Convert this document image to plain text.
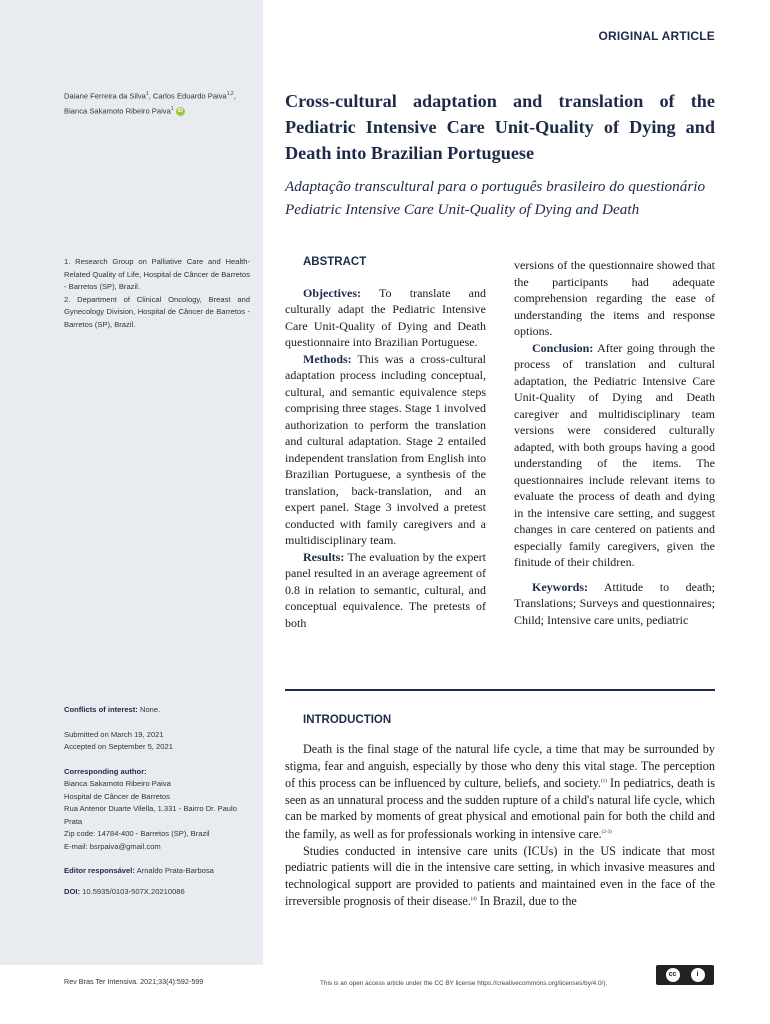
Daiane Ferreira da Silva$^1$, Carlos Eduardo Paiva$^{1,2}$,
Bianca Sakamoto Ribeiro Paiva$^1$ iD

1. Research Group on Palliative Care and Health-Related Quality of Life, Hospital de Câncer de Barretos - Barretos (SP), Brazil.

2. Department of Clinical Oncology, Breast and Gynecology Division, Hospital de Câncer de Barretos - Barretos (SP), Brazil.

Conflicts of interest: None.

Submitted on March 19, 2021

Accepted on September 5, 2021

Corresponding author:

Bianca Sakamoto Ribeiro Paiva

Hospital de Câncer de Barretos

Rua Antenor Duarte Vilella, 1.331 - Bairro Dr. Paulo Prata

Zip code: 14784-400 - Barretos (SP), Brazil

E-mail: bsrpaiva@gmail.com

Editor responsável: Arnaldo Prata-Barbosa

DOI: 10.5935/0103-507X.20210086

ORIGINAL ARTICLE
Cross-cultural adaptation and translation of the Pediatric Intensive Care Unit-Quality of Dying and Death into Brazilian Portuguese
Adaptação transcultural para o português brasileiro do questionário Pediatric Intensive Care Unit-Quality of Dying and Death
ABSTRACT

Objectives: To translate and culturally adapt the Pediatric Intensive Care Unit-Quality of Dying and Death questionnaire into Brazilian Portuguese.

Methods: This was a cross-cultural adaptation process including conceptual, cultural, and semantic equivalence steps comprising three stages. Stage 1 involved authorization to perform the translation and cultural adaptation. Stage 2 entailed independent translation from English into Brazilian Portuguese, a synthesis of the translation, back-translation, and an expert panel. Stage 3 involved a pretest conducted with family caregivers and a multidisciplinary team.

Results: The evaluation by the expert panel resulted in an average agreement of 0.8 in relation to semantic, cultural, and conceptual equivalence. The pretests of both

versions of the questionnaire showed that the participants had adequate comprehension regarding the ease of understanding the items and response options.

Conclusion: After going through the process of translation and cultural adaptation, the Pediatric Intensive Care Unit-Quality of Dying and Death caregiver and multidisciplinary team versions were considered culturally adapted, with both groups having a good understanding of the items. The questionnaires include relevant items to evaluate the process of death and dying in the intensive care setting, and suggest changes in care centered on patients and especially family caregivers, given the finitude of their children.

Keywords: Attitude to death; Translations; Surveys and questionnaires; Child; Intensive care units, pediatric

INTRODUCTION

Death is the final stage of the natural life cycle, a time that may be surrounded by stigma, fear and anguish, especially by those who deny this vital stage. The perception of this process can be influenced by culture, beliefs, and society.$^{(1)}$ In pediatrics, death is seen as an unnatural process and the sudden rupture of a child's natural life cycle, which can be marked by moments of great physical and emotional pain for both the child and the family, as well as for professionals working in intensive care.$^{(2-3)}$

Studies conducted in intensive care units (ICUs) in the US indicate that most pediatric patients will die in the intensive care setting, in which invasive measures and technological support are provided to patients and maintained even in the face of the irreversible prognosis of their disease.$^{(4)}$ In Brazil, due to the

Rev Bras Ter Intensiva. 2021;33(4):592-599	This is an open access article under the CC BY license https://creativecommons.org/licenses/by/4.0/).
cc	i
